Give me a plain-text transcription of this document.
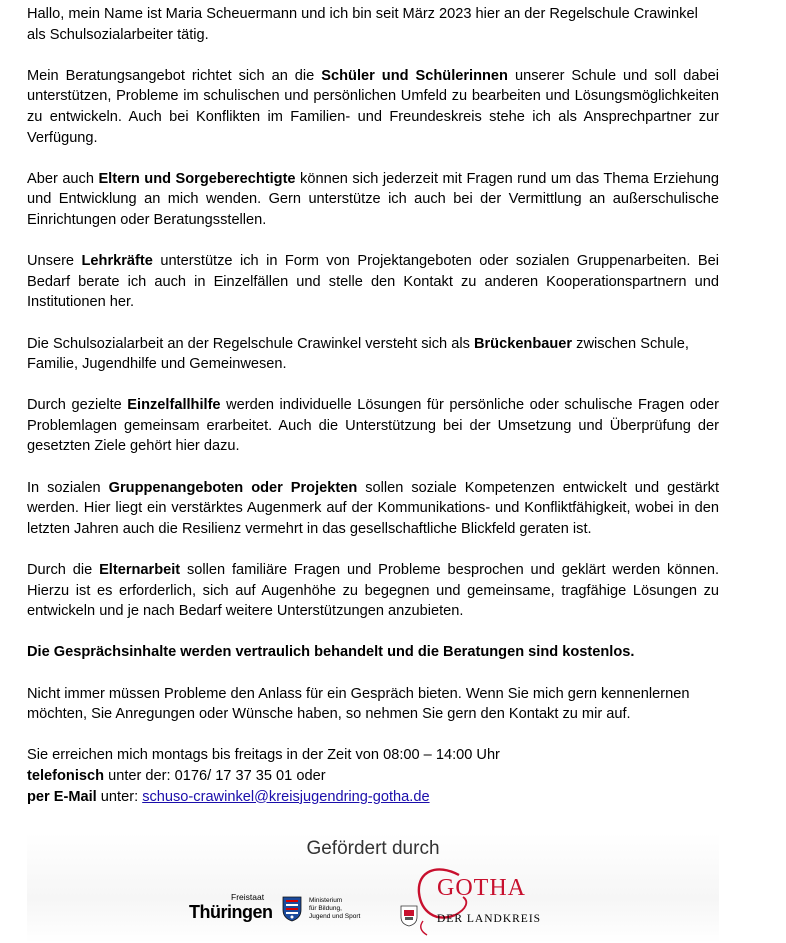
Hallo, mein Name ist Maria Scheuermann und ich bin seit März 2023 hier an der Regelschule Crawinkel als Schulsozialarbeiter tätig.

Mein Beratungsangebot richtet sich an die Schüler und Schülerinnen unserer Schule und soll dabei unterstützen, Probleme im schulischen und persönlichen Umfeld zu bearbeiten und Lösungsmöglichkeiten zu entwickeln. Auch bei Konflikten im Familien- und Freundeskreis stehe ich als Ansprechpartner zur Verfügung.

Aber auch Eltern und Sorgeberechtigte können sich jederzeit mit Fragen rund um das Thema Erziehung und Entwicklung an mich wenden. Gern unterstütze ich auch bei der Vermittlung an außerschulische Einrichtungen oder Beratungsstellen.

Unsere Lehrkräfte unterstütze ich in Form von Projektangeboten oder sozialen Gruppenarbeiten. Bei Bedarf berate ich auch in Einzelfällen und stelle den Kontakt zu anderen Kooperationspartnern und Institutionen her.

Die Schulsozialarbeit an der Regelschule Crawinkel versteht sich als Brückenbauer zwischen Schule, Familie, Jugendhilfe und Gemeinwesen.

Durch gezielte Einzelfallhilfe werden individuelle Lösungen für persönliche oder schulische Fragen oder Problemlagen gemeinsam erarbeitet. Auch die Unterstützung bei der Umsetzung und Überprüfung der gesetzten Ziele gehört hier dazu.

In sozialen Gruppenangeboten oder Projekten sollen soziale Kompetenzen entwickelt und gestärkt werden. Hier liegt ein verstärktes Augenmerk auf der Kommunikations- und Konfliktfähigkeit, wobei in den letzten Jahren auch die Resilienz vermehrt in das gesellschaftliche Blickfeld geraten ist.

Durch die Elternarbeit sollen familiäre Fragen und Probleme besprochen und geklärt werden können. Hierzu ist es erforderlich, sich auf Augenhöhe zu begegnen und gemeinsame, tragfähige Lösungen zu entwickeln und je nach Bedarf weitere Unterstützungen anzubieten.

Die Gesprächsinhalte werden vertraulich behandelt und die Beratungen sind kostenlos.

Nicht immer müssen Probleme den Anlass für ein Gespräch bieten. Wenn Sie mich gern kennenlernen möchten, Sie Anregungen oder Wünsche haben, so nehmen Sie gern den Kontakt zu mir auf.

Sie erreichen mich montags bis freitags in der Zeit von 08:00 – 14:00 Uhr
telefonisch unter der: 0176/ 17 37 35 01 oder
per E-Mail unter: schuso-crawinkel@kreisjugendring-gotha.de

Gefördert durch
Freistaat
Thüringen
Ministerium
für Bildung,
Jugend und Sport
GOTHA
DER LANDKREIS
